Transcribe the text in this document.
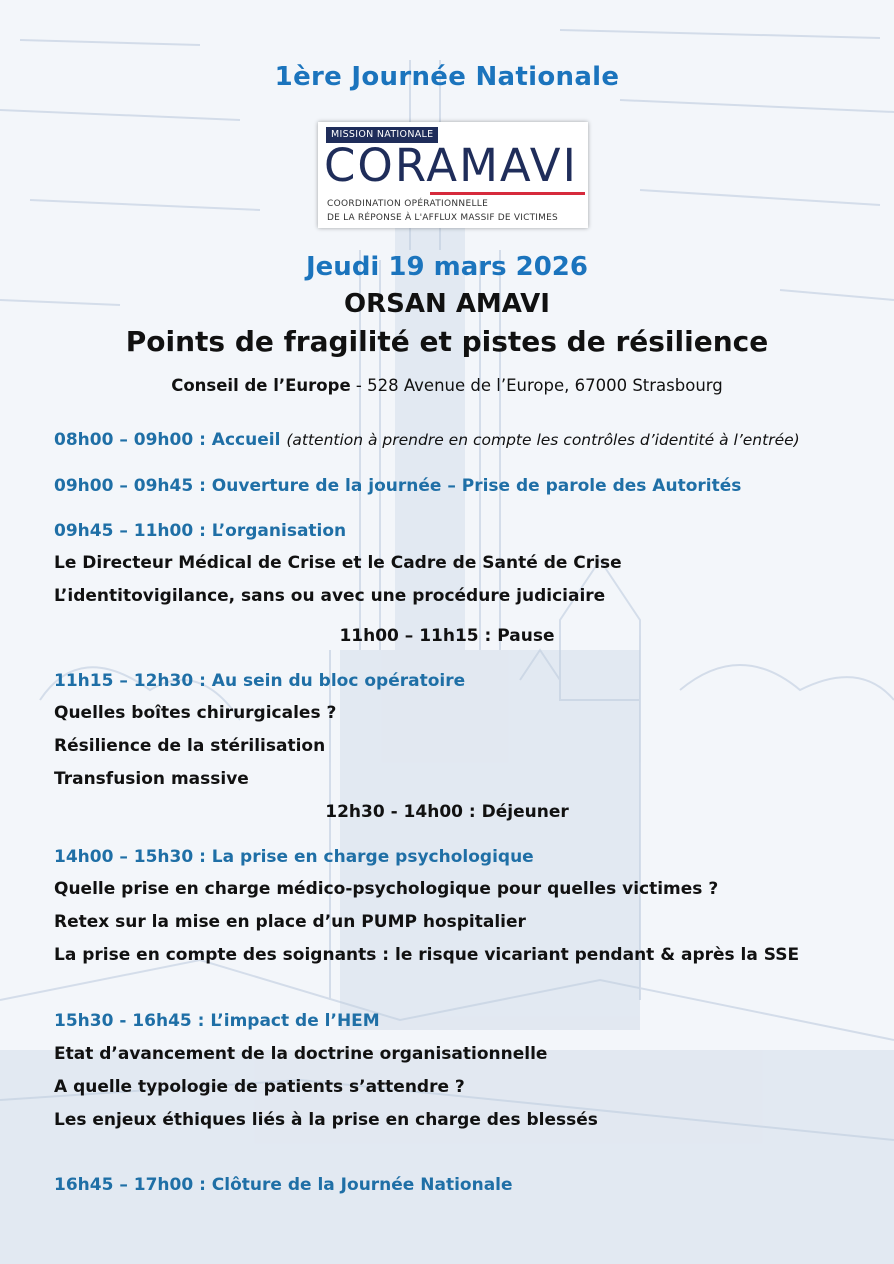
1ère Journée Nationale
MISSION NATIONALE
CORAMAVI
COORDINATION OPÉRATIONNELLE
DE LA RÉPONSE À L'AFFLUX MASSIF DE VICTIMES
Jeudi 19 mars 2026
ORSAN AMAVI
Points de fragilité et pistes de résilience
Conseil de l’Europe - 528 Avenue de l’Europe, 67000 Strasbourg
08h00 – 09h00 : Accueil (attention à prendre en compte les contrôles d’identité à l’entrée)
09h00 – 09h45 : Ouverture de la journée – Prise de parole des Autorités
09h45 – 11h00 : L’organisation
Le Directeur Médical de Crise et le Cadre de Santé de Crise
L’identitovigilance, sans ou avec une procédure judiciaire
11h00 – 11h15 : Pause
11h15 – 12h30 : Au sein du bloc opératoire
Quelles boîtes chirurgicales ?
Résilience de la stérilisation
Transfusion massive
12h30 - 14h00 : Déjeuner
14h00 – 15h30 : La prise en charge psychologique
Quelle prise en charge médico-psychologique pour quelles victimes ?
Retex sur la mise en place d’un PUMP hospitalier
La prise en compte des soignants : le risque vicariant pendant & après la SSE
15h30 - 16h45 : L’impact de l’HEM
Etat d’avancement de la doctrine organisationnelle
A quelle typologie de patients s’attendre ?
Les enjeux éthiques liés à la prise en charge des blessés
16h45 – 17h00 : Clôture de la Journée Nationale
